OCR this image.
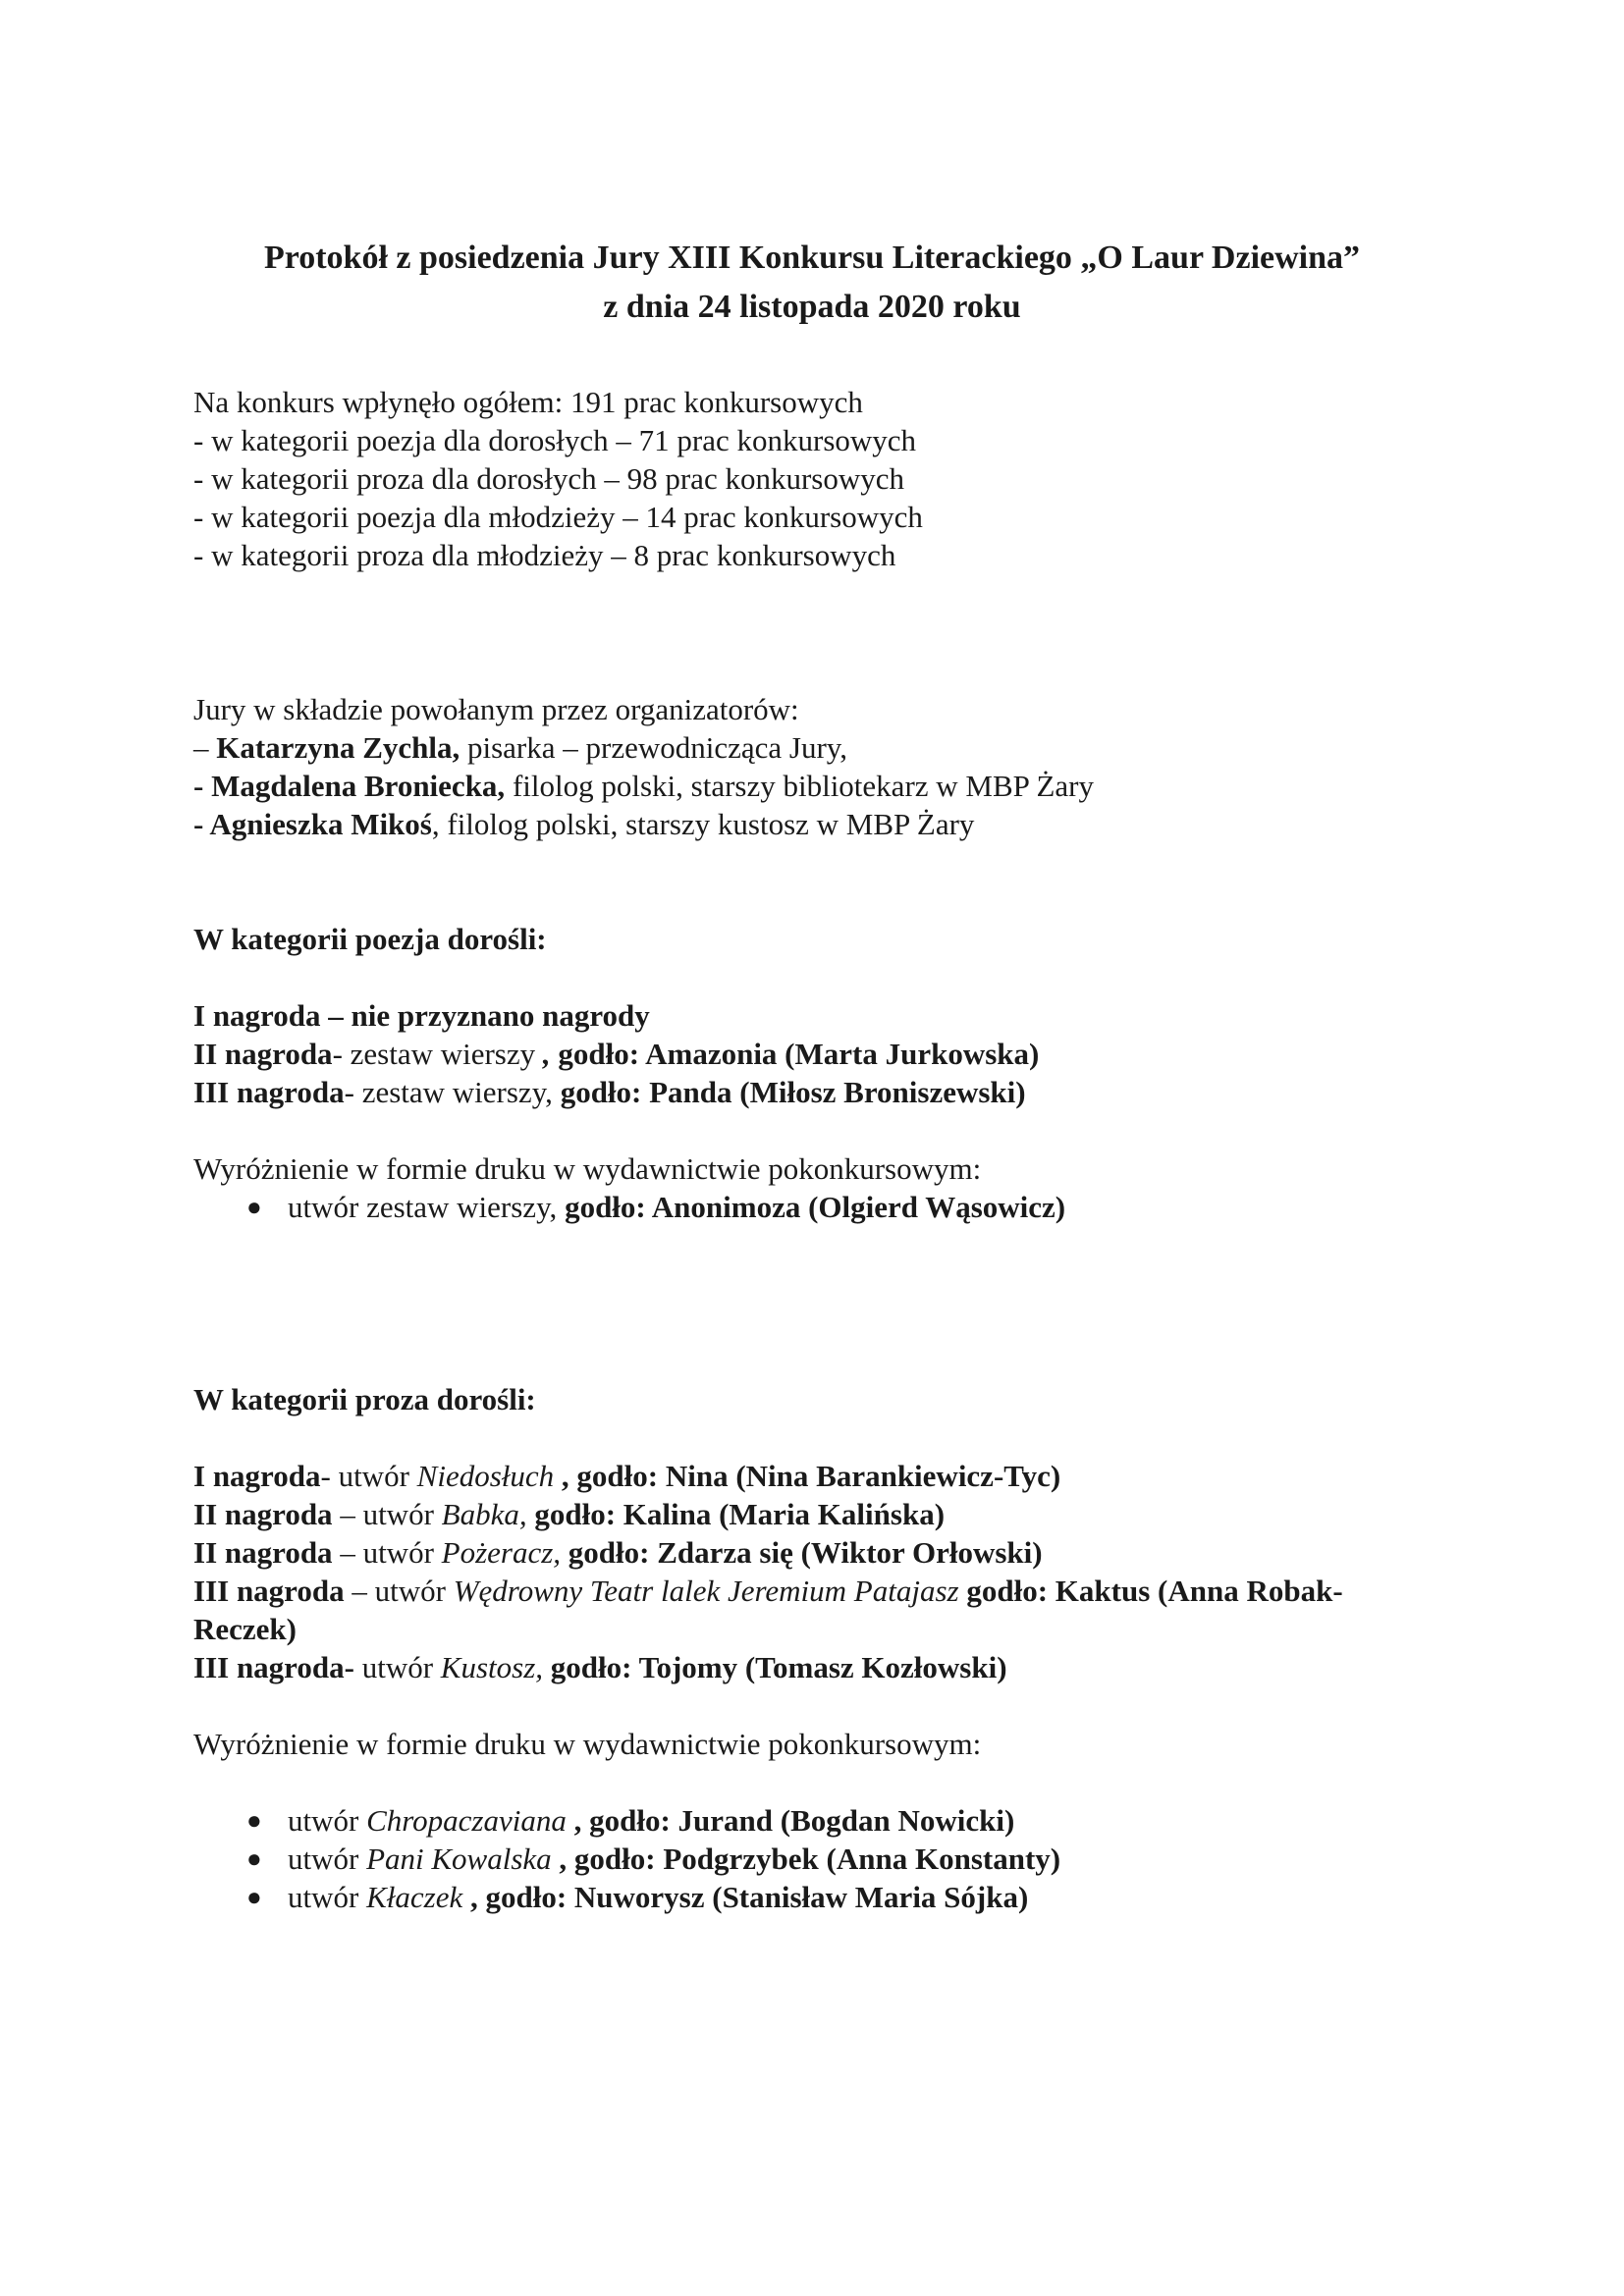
Protokół z posiedzenia Jury XIII Konkursu Literackiego „O Laur Dziewina”
z dnia 24 listopada 2020 roku
Na konkurs wpłynęło ogółem: 191 prac konkursowych
- w kategorii poezja dla dorosłych – 71 prac konkursowych
- w kategorii proza dla dorosłych – 98 prac konkursowych
- w kategorii poezja dla młodzieży – 14 prac konkursowych
- w kategorii proza dla młodzieży – 8 prac konkursowych
Jury w składzie powołanym przez organizatorów:
– Katarzyna Zychla, pisarka – przewodnicząca Jury,
- Magdalena Broniecka, filolog polski, starszy bibliotekarz w MBP Żary
- Agnieszka Mikoś, filolog polski, starszy kustosz w MBP Żary
W kategorii poezja dorośli:
I nagroda – nie przyznano nagrody
II nagroda- zestaw wierszy , godło: Amazonia (Marta Jurkowska)
III nagroda- zestaw wierszy, godło: Panda (Miłosz Broniszewski)
Wyróżnienie w formie druku w wydawnictwie pokonkursowym:
● utwór zestaw wierszy, godło: Anonimoza (Olgierd Wąsowicz)
W kategorii proza dorośli:
I nagroda- utwór Niedosłuch , godło: Nina (Nina Barankiewicz-Tyc)
II nagroda – utwór Babka, godło: Kalina (Maria Kalińska)
II nagroda – utwór Pożeracz, godło: Zdarza się (Wiktor Orłowski)
III nagroda – utwór Wędrowny Teatr lalek Jeremium Patajasz godło: Kaktus (Anna Robak-
Reczek)
III nagroda- utwór Kustosz, godło: Tojomy (Tomasz Kozłowski)
Wyróżnienie w formie druku w wydawnictwie pokonkursowym:
● utwór Chropaczaviana , godło: Jurand (Bogdan Nowicki)
● utwór Pani Kowalska , godło: Podgrzybek (Anna Konstanty)
● utwór Kłaczek , godło: Nuworysz (Stanisław Maria Sójka)
